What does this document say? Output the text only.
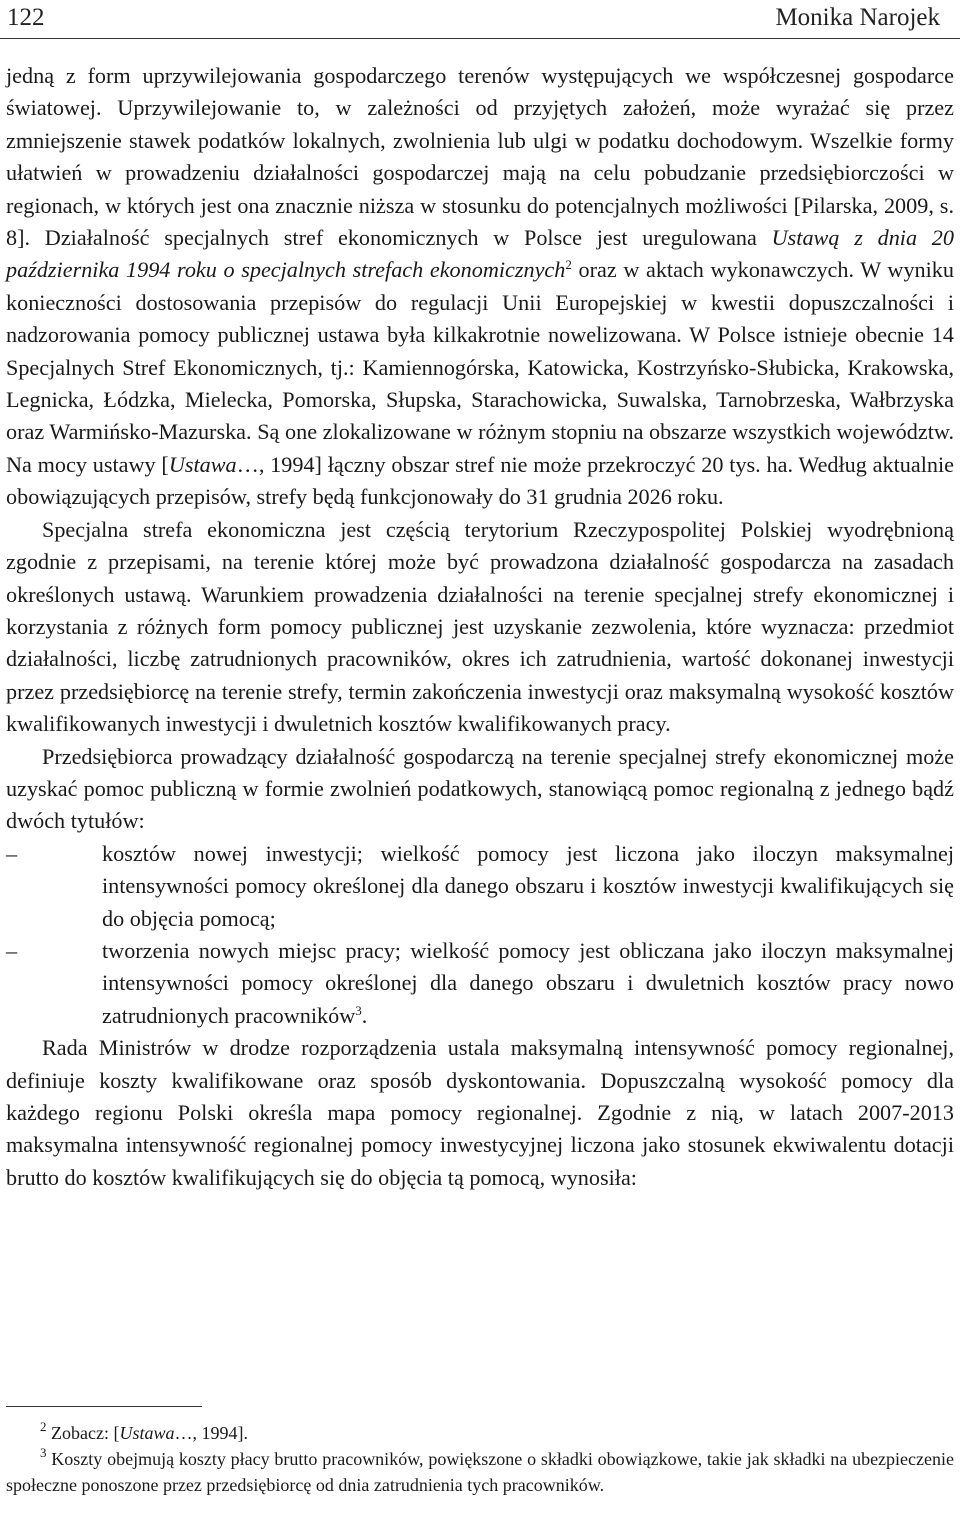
122	Monika Narojek

jedną z form uprzywilejowania gospodarczego terenów występujących we współczesnej gospodarce światowej. Uprzywilejowanie to, w zależności od przyjętych założeń, może wyrażać się przez zmniejszenie stawek podatków lokalnych, zwolnienia lub ulgi w podatku dochodowym. Wszelkie formy ułatwień w prowadzeniu działalności gospodarczej mają na celu pobudzanie przedsiębiorczości w regionach, w których jest ona znacznie niższa w stosunku do potencjalnych możliwości [Pilarska, 2009, s. 8]. Działalność specjalnych stref ekonomicznych w Polsce jest uregulowana Ustawą z dnia 20 października 1994 roku o specjalnych strefach ekonomicznych$^2$ oraz w aktach wykonawczych. W wyniku konieczności dostosowania przepisów do regulacji Unii Europejskiej w kwestii dopuszczalności i nadzorowania pomocy publicznej ustawa była kilkakrotnie nowelizowana. W Polsce istnieje obecnie 14 Specjalnych Stref Ekonomicznych, tj.: Kamiennogórska, Katowicka, Kostrzyńsko-Słubicka, Krakowska, Legnicka, Łódzka, Mielecka, Pomorska, Słupska, Starachowicka, Suwalska, Tarnobrzeska, Wałbrzyska oraz Warmińsko-Mazurska. Są one zlokalizowane w różnym stopniu na obszarze wszystkich województw. Na mocy ustawy [Ustawa…, 1994] łączny obszar stref nie może przekroczyć 20 tys. ha. Według aktualnie obowiązujących przepisów, strefy będą funkcjonowały do 31 grudnia 2026 roku.

Specjalna strefa ekonomiczna jest częścią terytorium Rzeczypospolitej Polskiej wyodrębnioną zgodnie z przepisami, na terenie której może być prowadzona działalność gospodarcza na zasadach określonych ustawą. Warunkiem prowadzenia działalności na terenie specjalnej strefy ekonomicznej i korzystania z różnych form pomocy publicznej jest uzyskanie zezwolenia, które wyznacza: przedmiot działalności, liczbę zatrudnionych pracowników, okres ich zatrudnienia, wartość dokonanej inwestycji przez przedsiębiorcę na terenie strefy, termin zakończenia inwestycji oraz maksymalną wysokość kosztów kwalifikowanych inwestycji i dwuletnich kosztów kwalifikowanych pracy.

Przedsiębiorca prowadzący działalność gospodarczą na terenie specjalnej strefy ekonomicznej może uzyskać pomoc publiczną w formie zwolnień podatkowych, stanowiącą pomoc regionalną z jednego bądź dwóch tytułów:

–	kosztów nowej inwestycji; wielkość pomocy jest liczona jako iloczyn maksymalnej intensywności pomocy określonej dla danego obszaru i kosztów inwestycji kwalifikujących się do objęcia pomocą;
–	tworzenia nowych miejsc pracy; wielkość pomocy jest obliczana jako iloczyn maksymalnej intensywności pomocy określonej dla danego obszaru i dwuletnich kosztów pracy nowo zatrudnionych pracowników$^3$.

Rada Ministrów w drodze rozporządzenia ustala maksymalną intensywność pomocy regionalnej, definiuje koszty kwalifikowane oraz sposób dyskontowania. Dopuszczalną wysokość pomocy dla każdego regionu Polski określa mapa pomocy regionalnej. Zgodnie z nią, w latach 2007-2013 maksymalna intensywność regionalnej pomocy inwestycyjnej liczona jako stosunek ekwiwalentu dotacji brutto do kosztów kwalifikujących się do objęcia tą pomocą, wynosiła:

$^2$ Zobacz: [Ustawa…, 1994].

$^3$ Koszty obejmują koszty płacy brutto pracowników, powiększone o składki obowiązkowe, takie jak składki na ubezpieczenie społeczne ponoszone przez przedsiębiorcę od dnia zatrudnienia tych pracowników.
